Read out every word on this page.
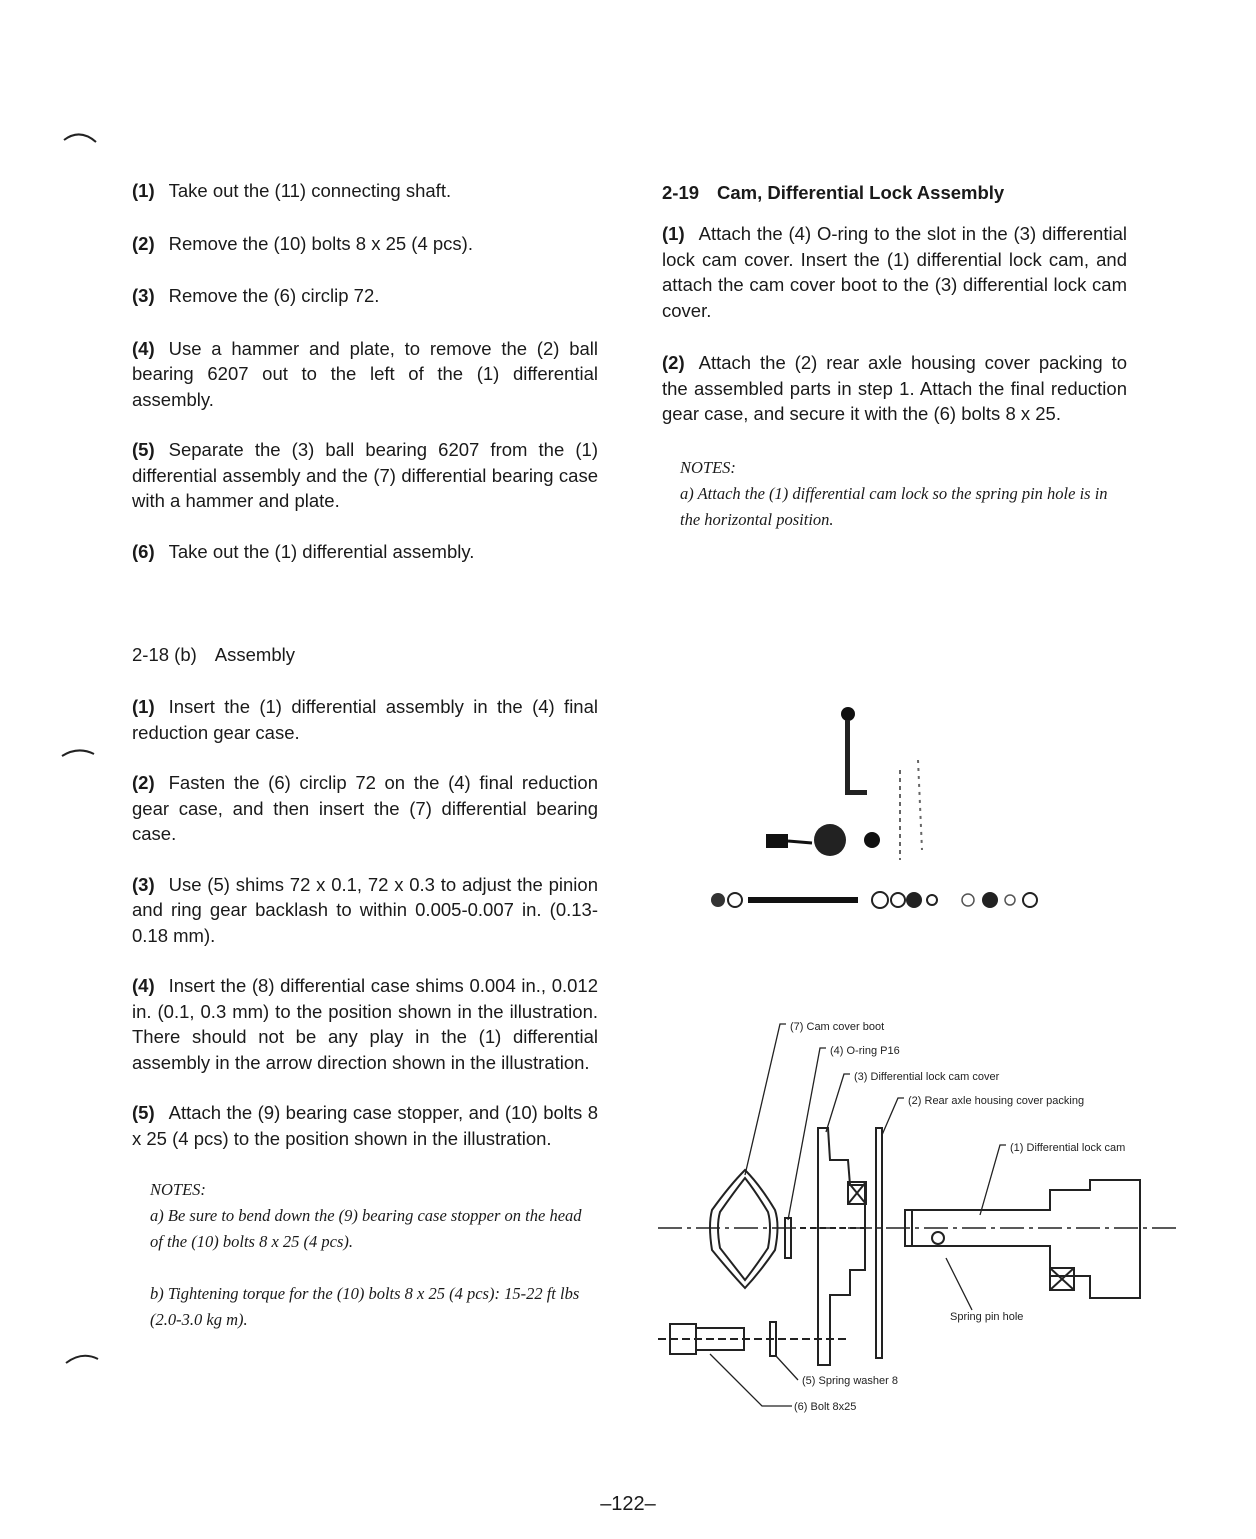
(1) Take out the (11) connecting shaft.

(2) Remove the (10) bolts 8 x 25 (4 pcs).

(3) Remove the (6) circlip 72.

(4) Use a hammer and plate, to remove the (2) ball bearing 6207 out to the left of the (1) differential assembly.

(5) Separate the (3) ball bearing 6207 from the (1) differential assembly and the (7) differential bearing case with a hammer and plate.

(6) Take out the (1) differential assembly.

2-18 (b) Assembly

(1) Insert the (1) differential assembly in the (4) final reduction gear case.

(2) Fasten the (6) circlip 72 on the (4) final reduction gear case, and then insert the (7) differential bearing case.

(3) Use (5) shims 72 x 0.1, 72 x 0.3 to adjust the pinion and ring gear backlash to within 0.005-0.007 in. (0.13-0.18 mm).

(4) Insert the (8) differential case shims 0.004 in., 0.012 in. (0.1, 0.3 mm) to the position shown in the illustration. There should not be any play in the (1) differential assembly in the arrow direction shown in the illustration.

(5) Attach the (9) bearing case stopper, and (10) bolts 8 x 25 (4 pcs) to the position shown in the illustration.

NOTES:

a) Be sure to bend down the (9) bearing case stopper on the head of the (10) bolts 8 x 25 (4 pcs).

b) Tightening torque for the (10) bolts 8 x 25 (4 pcs): 15-22 ft lbs (2.0-3.0 kg m).

2-19 Cam, Differential Lock Assembly

(1) Attach the (4) O-ring to the slot in the (3) differential lock cam cover. Insert the (1) differential lock cam, and attach the cam cover boot to the (3) differential lock cam cover.

(2) Attach the (2) rear axle housing cover packing to the assembled parts in step 1. Attach the final reduction gear case, and secure it with the (6) bolts 8 x 25.

NOTES:

a) Attach the (1) differential cam lock so the spring pin hole is in the horizontal position.

(7) Cam cover boot
(4) O-ring P16
(3) Differential lock cam cover
(2) Rear axle housing cover packing
(1) Differential lock cam
Spring pin hole
(5) Spring washer 8
(6) Bolt 8x25
–122–
